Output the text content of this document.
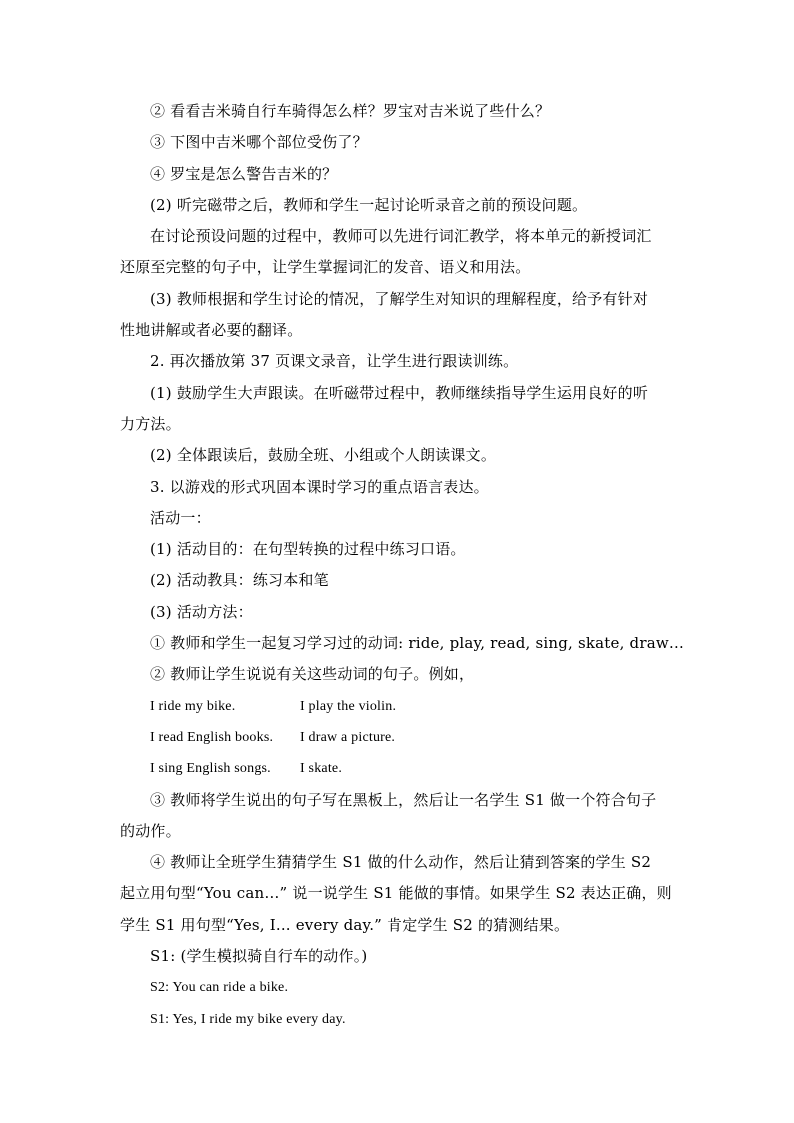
② 看看吉米骑自行车骑得怎么样？罗宝对吉米说了些什么？
③ 下图中吉米哪个部位受伤了？
④ 罗宝是怎么警告吉米的？
(2) 听完磁带之后，教师和学生一起讨论听录音之前的预设问题。
在讨论预设问题的过程中，教师可以先进行词汇教学，将本单元的新授词汇
还原至完整的句子中，让学生掌握词汇的发音、语义和用法。
(3) 教师根据和学生讨论的情况，了解学生对知识的理解程度，给予有针对
性地讲解或者必要的翻译。
2. 再次播放第 37 页课文录音，让学生进行跟读训练。
(1) 鼓励学生大声跟读。在听磁带过程中，教师继续指导学生运用良好的听
力方法。
(2) 全体跟读后，鼓励全班、小组或个人朗读课文。
3. 以游戏的形式巩固本课时学习的重点语言表达。
活动一：
(1) 活动目的：在句型转换的过程中练习口语。
(2) 活动教具：练习本和笔
(3) 活动方法：
① 教师和学生一起复习学习过的动词: ride, play, read, sing, skate, draw…
② 教师让学生说说有关这些动词的句子。例如，
I ride my bike.	I play the violin.
I read English books. I draw a picture.
I sing English songs. I skate.
③ 教师将学生说出的句子写在黑板上，然后让一名学生 S1 做一个符合句子
的动作。
④ 教师让全班学生猜猜学生 S1 做的什么动作，然后让猜到答案的学生 S2
起立用句型“You can…” 说一说学生 S1 能做的事情。如果学生 S2 表达正确，则
学生 S1 用句型“Yes, I... every day.” 肯定学生 S2 的猜测结果。
S1: (学生模拟骑自行车的动作。)
S2: You can ride a bike.
S1: Yes, I ride my bike every day.
